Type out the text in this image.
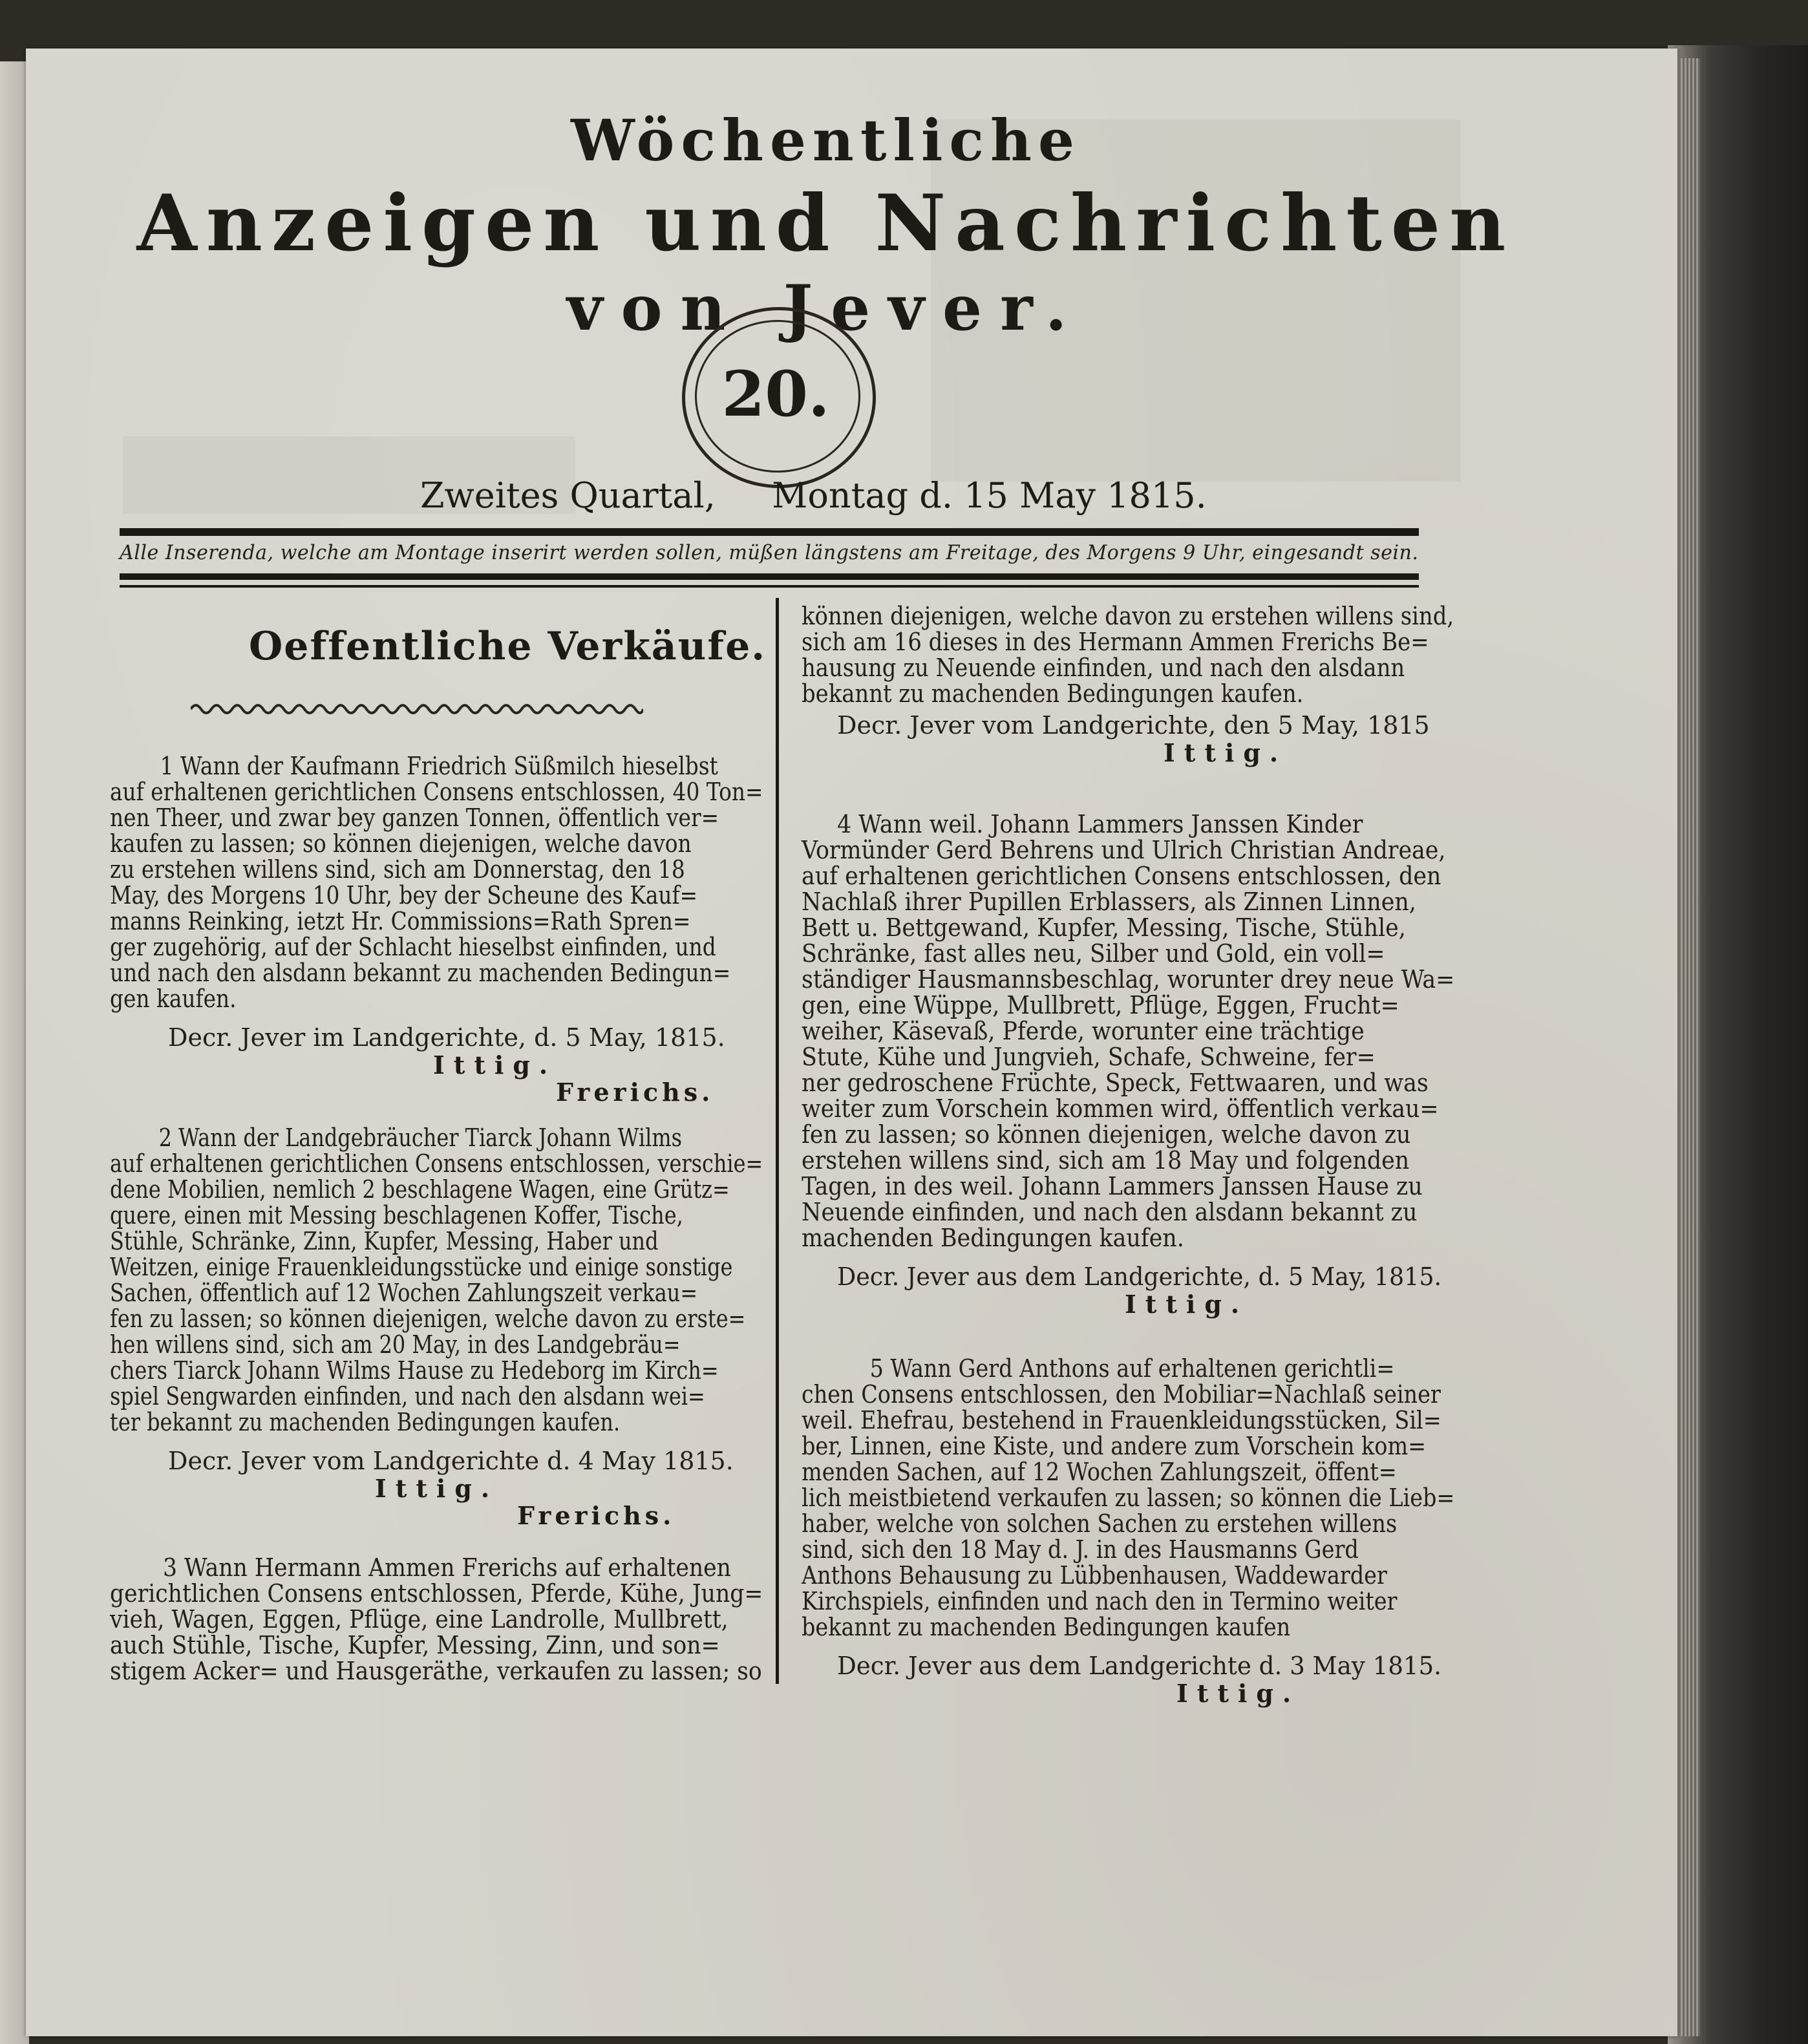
Wöchentliche
Anzeigen und Nachrichten
von Jever.
20.
Zweites Quartal, Montag d. 15 May 1815.
Alle Inserenda, welche am Montage inserirt werden sollen, müßen längstens am Freitage, des Morgens 9 Uhr, eingesandt sein.
Oeffentliche Verkäufe.
1 Wann der Kaufmann Friedrich Süßmilch hieselbst
auf erhaltenen gerichtlichen Consens entschlossen, 40 Ton=
nen Theer, und zwar bey ganzen Tonnen, öffentlich ver=
kaufen zu lassen; so können diejenigen, welche davon
zu erstehen willens sind, sich am Donnerstag, den 18
May, des Morgens 10 Uhr, bey der Scheune des Kauf=
manns Reinking, ietzt Hr. Commissions=Rath Spren=
ger zugehörig, auf der Schlacht hieselbst einfinden, und
und nach den alsdann bekannt zu machenden Bedingun=
gen kaufen.
Decr. Jever im Landgerichte, d. 5 May, 1815.
Ittig.
Frerichs.
2 Wann der Landgebräucher Tiarck Johann Wilms
auf erhaltenen gerichtlichen Consens entschlossen, verschie=
dene Mobilien, nemlich 2 beschlagene Wagen, eine Grütz=
quere, einen mit Messing beschlagenen Koffer, Tische,
Stühle, Schränke, Zinn, Kupfer, Messing, Haber und
Weitzen, einige Frauenkleidungsstücke und einige sonstige
Sachen, öffentlich auf 12 Wochen Zahlungszeit verkau=
fen zu lassen; so können diejenigen, welche davon zu erste=
hen willens sind, sich am 20 May, in des Landgebräu=
chers Tiarck Johann Wilms Hause zu Hedeborg im Kirch=
spiel Sengwarden einfinden, und nach den alsdann wei=
ter bekannt zu machenden Bedingungen kaufen.
Decr. Jever vom Landgerichte d. 4 May 1815.
Ittig.
Frerichs.
3 Wann Hermann Ammen Frerichs auf erhaltenen
gerichtlichen Consens entschlossen, Pferde, Kühe, Jung=
vieh, Wagen, Eggen, Pflüge, eine Landrolle, Mullbrett,
auch Stühle, Tische, Kupfer, Messing, Zinn, und son=
stigem Acker= und Hausgeräthe, verkaufen zu lassen; so
können diejenigen, welche davon zu erstehen willens sind,
sich am 16 dieses in des Hermann Ammen Frerichs Be=
hausung zu Neuende einfinden, und nach den alsdann
bekannt zu machenden Bedingungen kaufen.
Decr. Jever vom Landgerichte, den 5 May, 1815
Ittig.
4 Wann weil. Johann Lammers Janssen Kinder
Vormünder Gerd Behrens und Ulrich Christian Andreae,
auf erhaltenen gerichtlichen Consens entschlossen, den
Nachlaß ihrer Pupillen Erblassers, als Zinnen Linnen,
Bett u. Bettgewand, Kupfer, Messing, Tische, Stühle,
Schränke, fast alles neu, Silber und Gold, ein voll=
ständiger Hausmannsbeschlag, worunter drey neue Wa=
gen, eine Wüppe, Mullbrett, Pflüge, Eggen, Frucht=
weiher, Käsevaß, Pferde, worunter eine trächtige
Stute, Kühe und Jungvieh, Schafe, Schweine, fer=
ner gedroschene Früchte, Speck, Fettwaaren, und was
weiter zum Vorschein kommen wird, öffentlich verkau=
fen zu lassen; so können diejenigen, welche davon zu
erstehen willens sind, sich am 18 May und folgenden
Tagen, in des weil. Johann Lammers Janssen Hause zu
Neuende einfinden, und nach den alsdann bekannt zu
machenden Bedingungen kaufen.
Decr. Jever aus dem Landgerichte, d. 5 May, 1815.
Ittig.
5 Wann Gerd Anthons auf erhaltenen gerichtli=
chen Consens entschlossen, den Mobiliar=Nachlaß seiner
weil. Ehefrau, bestehend in Frauenkleidungsstücken, Sil=
ber, Linnen, eine Kiste, und andere zum Vorschein kom=
menden Sachen, auf 12 Wochen Zahlungszeit, öffent=
lich meistbietend verkaufen zu lassen; so können die Lieb=
haber, welche von solchen Sachen zu erstehen willens
sind, sich den 18 May d. J. in des Hausmanns Gerd
Anthons Behausung zu Lübbenhausen, Waddewarder
Kirchspiels, einfinden und nach den in Termino weiter
bekannt zu machenden Bedingungen kaufen
Decr. Jever aus dem Landgerichte d. 3 May 1815.
Ittig.
